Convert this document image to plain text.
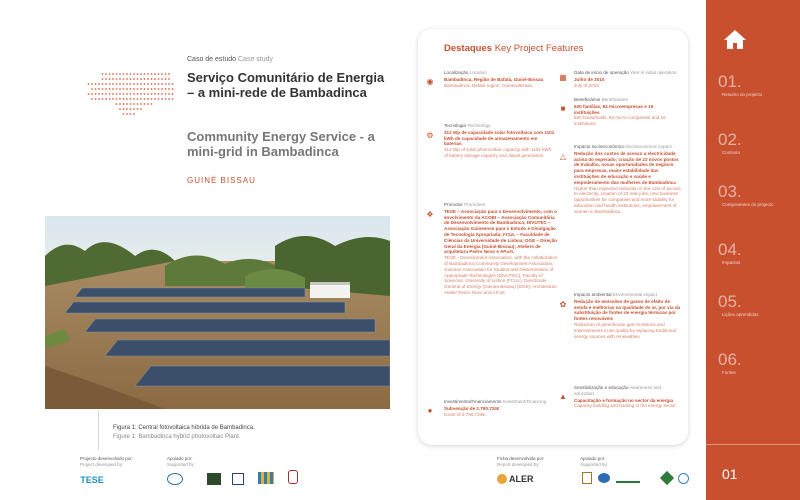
Caso de estudo Case study
Serviço Comunitário de Energia – a mini-rede de Bambadinca
Community Energy Service - a mini-grid in Bambadinca
GUINÉ BISSAU
Figura 1: Central fotovoltaica híbrida de Bambadinca.
Figure 1: Bambadinca hybrid photovoltaic Plant.
Projecto desenvolvido por:
Project developed by:
TESE
Apoiado por:
Supported by:
Ficha desenvolvida por:
Report developed by:
ALER
Apoiado por:
Supported by:
Destaques Key Project Features
◉
Localização Location
Bambadinca, Região de Bafatá, Guiné-Bissau
Bambadinca, Bafatá region, Guinea-Bissau
⚙
Tecnologia Technology
312 Wp de capacidade solar fotovoltaica com 1101 kWh de capacidade de armazenamento em baterias
312 Wp of solar photovoltaic capacity with 1101 kWh of battery storage capacity and diesel generators
❖
Promotor Promoters
TESE – Associação para o Desenvolvimento, com o envolvimento da ACOBI – Associação Comunitária de Desenvolvimento de Bambadinca; DIVUTEC – Associação Guineense para o Estudo e Divulgação de Tecnologia Apropriada; FCUL – Faculdade de Ciências da Universidade de Lisboa; DGE – Direção Geral da Energia (Guiné-Bissau); Ateliers de arquitetura Pedro Novo e AP.art.
TESE - Development Association, with the collaboration of Bambadinca Community Development Association; Guinean Association for Studies and Dissemination of Appropriate Technologies (DIVUTEC); Faculty of Sciences, University of Lisbon (FCUL); Directorate General of Energy (Guinea-Bissau) (DGE); Architecture Atelier Pedro Novo and AP.art.
●
Investimento/Financiamento Investment/Financing
Subvenção de 2.790.724€
Grant of 2,790,724€
▦
Data de início de operação Year in initial operation
Julho de 2015
July of 2015
■
Beneficiários Beneficiaries
630 famílias, 84 microempresas e 16 instituições
630 households, 84 micro-companies and 16 institutions
△
Impacto socioeconómico Socioeconomic impact
Redução dos custos de acesso a electricidade acima do esperado; criação de 23 novos postos de trabalho, novas oportunidades de negócio para empresas, maior estabilidade das instituições de educação e saúde e empoderamento das mulheres de Bambadinca
Higher than expected reduction in the cost of access to electricity, creation of 23 new jobs, new business opportunities for companies and more stability for education and health institutions, empowerment of women in Bambadinca
✿
Impacto ambiental Environmental impact
Redução de emissões de gases de efeito de estufa e melhorias na qualidade do ar, por via da substituição de fontes de energia térmicas por fontes renováveis
Reduction of greenhouse gas emissions and improvements in air quality by replacing traditional energy sources with renewables
▲
Sensibilização e educação Awareness and education
Capacitação e formação no sector da energia
Capacity building and training in the energy sector
01.
Resumo do projecto
02.
Contexto
03.
Componentes do projecto
04.
Impactos
05.
Lições aprendidas
06.
Fontes
01
